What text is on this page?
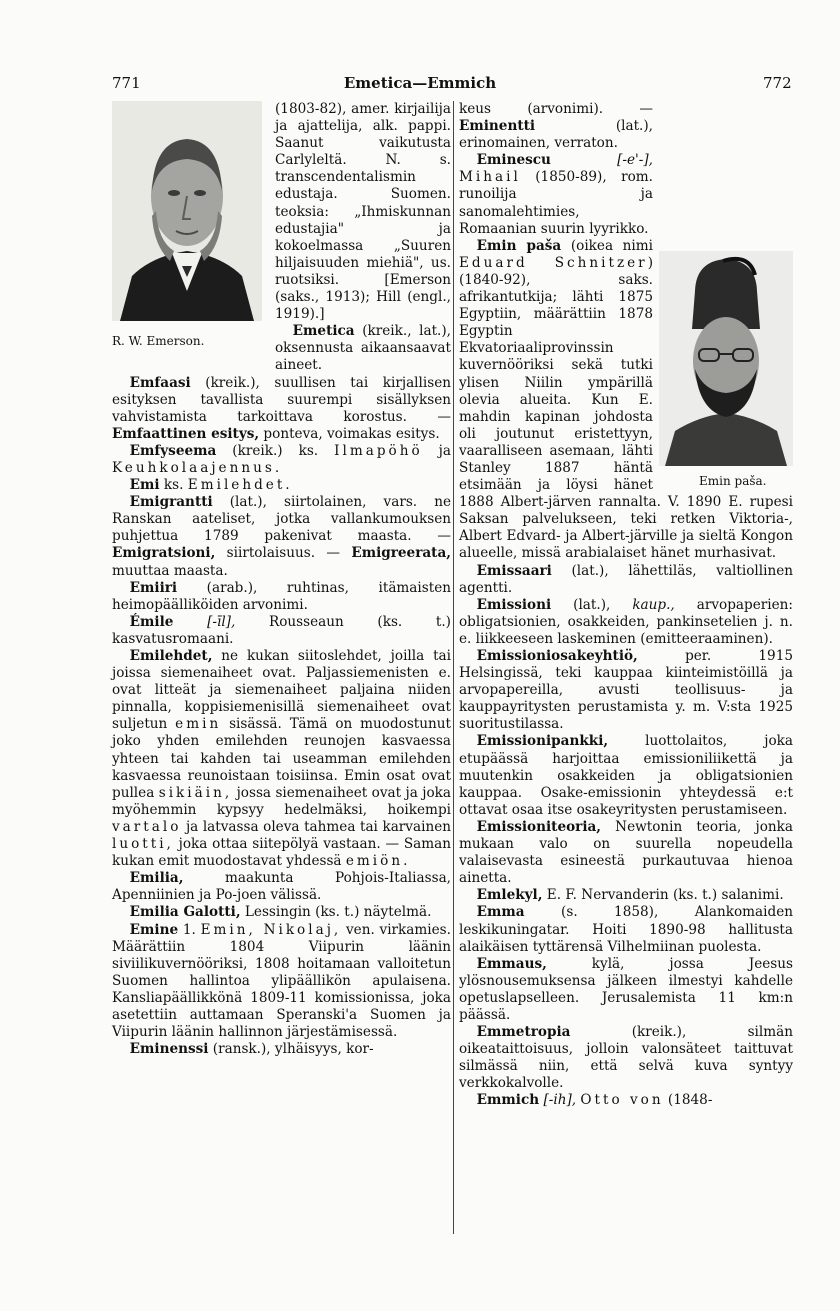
771	Emetica—Emmich	772
R. W. Emerson.

(1803-82), amer. kirjailija ja ajattelija, alk. pappi. Saanut vaikutusta Carlyleltä. N. s. transcendentalismin edustaja. Suomen. teoksia: „Ihmiskunnan edustajia" ja kokoelmassa „Suuren hiljaisuuden miehiä", us. ruotsiksi. [Emerson (saks., 1913); Hill (engl., 1919).]

Emetica (kreik., lat.), oksennusta aikaansaavat aineet.

Emfaasi (kreik.), suullisen tai kirjallisen esityksen tavallista suurempi sisällyksen vahvistamista tarkoittava korostus. — Emfaattinen esitys, ponteva, voimakas esitys.

Emfyseema (kreik.) ks. Ilmapöhö ja Keuhkolaajennus.

Emi ks. Emilehdet.

Emigrantti (lat.), siirtolainen, vars. ne Ranskan aateliset, jotka vallankumouksen puhjettua 1789 pakenivat maasta. — Emigratsioni, siirtolaisuus. — Emigreerata, muuttaa maasta.

Emiiri (arab.), ruhtinas, itämaisten heimopäälliköiden arvonimi.

Émile [-īl], Rousseaun (ks. t.) kasvatusromaani.

Emilehdet, ne kukan siitoslehdet, joilla tai joissa siemenaiheet ovat. Paljassiemenisten e. ovat litteät ja siemenaiheet paljaina niiden pinnalla, koppisiemenisillä siemenaiheet ovat suljetun emin sisässä. Tämä on muodostunut joko yhden emilehden reunojen kasvaessa yhteen tai kahden tai useamman emilehden kasvaessa reunoistaan toisiinsa. Emin osat ovat pullea sikiäin, jossa siemenaiheet ovat ja joka myöhemmin kypsyy hedelmäksi, hoikempi vartalo ja latvassa oleva tahmea tai karvainen luotti, joka ottaa siitepölyä vastaan. — Saman kukan emit muodostavat yhdessä emiön.

Emilia, maakunta Pohjois-Italiassa, Apenniinien ja Po-joen välissä.

Emilia Galotti, Lessingin (ks. t.) näytelmä.

Emine 1. Emin, Nikolaj, ven. virkamies. Määrättiin 1804 Viipurin läänin siviilikuvernööriksi, 1808 hoitamaan valloitetun Suomen hallintoa ylipäällikön apulaisena. Kansliapäällikkönä 1809-11 komissionissa, joka asetettiin auttamaan Speranski'a Suomen ja Viipurin läänin hallinnon järjestämisessä.

Eminenssi (ransk.), ylhäisyys, kor-

Emin paša.

keus (arvonimi). — Eminentti (lat.), erinomainen, verraton.

Eminescu	[-e'-], Mihail (1850-89), rom. runoilija ja sanomalehtimies, Romaanian suurin lyyrikko.

Emin paša (oikea nimi Eduard Schnitzer) (1840-92), saks. afrikantutkija; lähti 1875 Egyptiin, määrättiin 1878 Egyptin Ekvatoriaaliprovinssin kuvernööriksi sekä tutki ylisen Niilin ympärillä olevia alueita. Kun E. mahdin kapinan johdosta oli joutunut eristettyyn, vaaralliseen asemaan, lähti Stanley 1887 häntä etsimään ja löysi hänet 1888 Albert-järven rannalta. V. 1890 E. rupesi Saksan palvelukseen, teki retken Viktoria-, Albert Edvard- ja Albert-järville ja sieltä Kongon alueelle, missä arabialaiset hänet murhasivat.

Emissaari (lat.), lähettiläs, valtiollinen agentti.

Emissioni (lat.), kaup., arvopaperien: obligatsionien, osakkeiden, pankinsetelien j. n. e. liikkeeseen laskeminen (emitteeraaminen).

Emissioniosakeyhtiö, per. 1915 Helsingissä, teki kauppaa kiinteimistöillä ja arvopapereilla, avusti teollisuus- ja kauppayritysten perustamista y. m. V:sta 1925 suoritustilassa.

Emissionipankki, luottolaitos, joka etupäässä harjoittaa emissioniliikettä ja muutenkin osakkeiden ja obligatsionien kauppaa. Osake-emissionin yhteydessä e:t ottavat osaa itse osakeyritysten perustamiseen.

Emissioniteoria, Newtonin teoria, jonka mukaan valo on suurella nopeudella valaisevasta esineestä purkautuvaa hienoa ainetta.

Emlekyl, E. F. Nervanderin (ks. t.) salanimi.

Emma (s. 1858), Alankomaiden leskikuningatar. Hoiti 1890-98 hallitusta alaikäisen tyttärensä Vilhelmiinan puolesta.

Emmaus, kylä, jossa Jeesus ylösnousemuksensa jälkeen ilmestyi kahdelle opetuslapselleen. Jerusalemista 11 km:n päässä.

Emmetropia (kreik.), silmän oikeataittoisuus, jolloin valonsäteet taittuvat silmässä niin, että selvä kuva syntyy verkkokalvolle.

Emmich [-ih], Otto von (1848-
